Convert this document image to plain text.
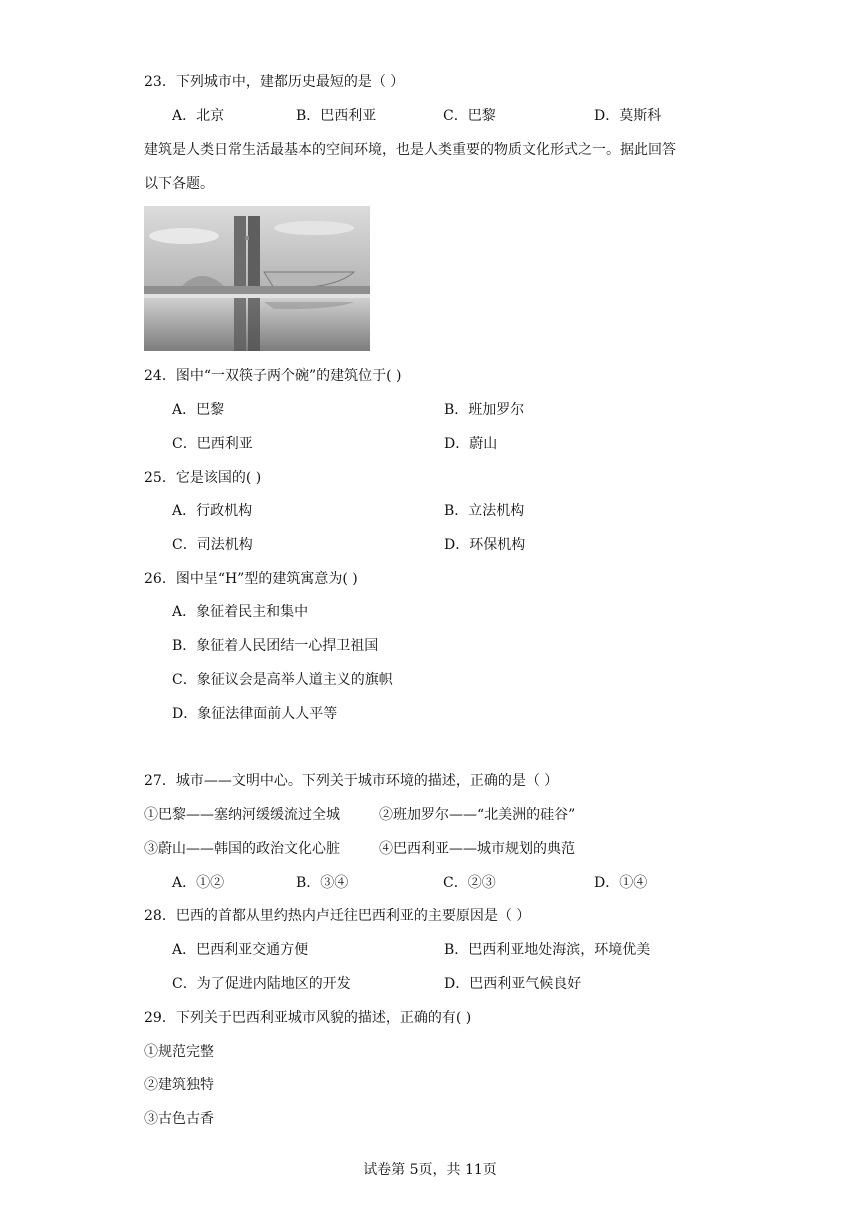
23．下列城市中，建都历史最短的是（ ）
A．北京	B．巴西利亚	C．巴黎	D．莫斯科
建筑是人类日常生活最基本的空间环境，也是人类重要的物质文化形式之一。据此回答
以下各题。
24．图中“一双筷子两个碗”的建筑位于( )
A．巴黎	B．班加罗尔
C．巴西利亚	D．蔚山
25．它是该国的( )
A．行政机构	B．立法机构
C．司法机构	D．环保机构
26．图中呈“H”型的建筑寓意为( )
A．象征着民主和集中
B．象征着人民团结一心捍卫祖国
C．象征议会是高举人道主义的旗帜
D．象征法律面前人人平等
27．城市——文明中心。下列关于城市环境的描述，正确的是（ ）
①巴黎——塞纳河缓缓流过全城	②班加罗尔——“北美洲的硅谷”
③蔚山——韩国的政治文化心脏	④巴西利亚——城市规划的典范
A．①②	B．③④	C．②③	D．①④
28．巴西的首都从里约热内卢迁往巴西利亚的主要原因是（ ）
A．巴西利亚交通方便	B．巴西利亚地处海滨，环境优美
C．为了促进内陆地区的开发	D．巴西利亚气候良好
29．下列关于巴西利亚城市风貌的描述，正确的有( )
①规范完整
②建筑独特
③古色古香
试卷第 5页，共 11页
